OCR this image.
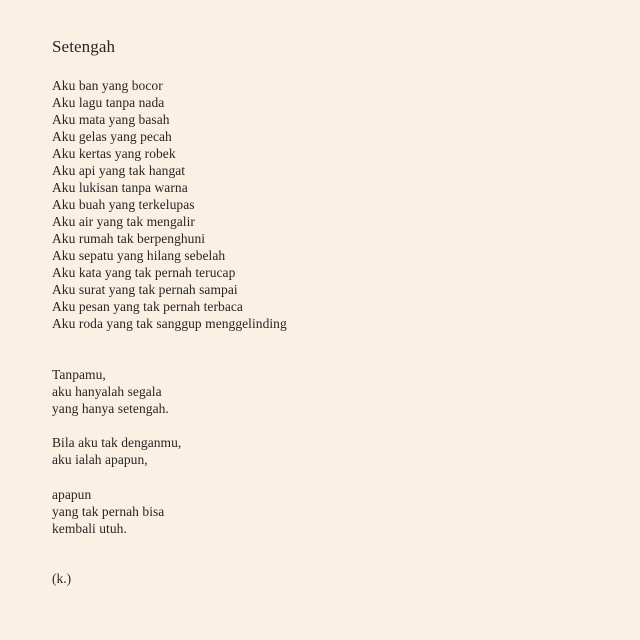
Setengah
Aku ban yang bocor
Aku lagu tanpa nada
Aku mata yang basah
Aku gelas yang pecah
Aku kertas yang robek
Aku api yang tak hangat
Aku lukisan tanpa warna
Aku buah yang terkelupas
Aku air yang tak mengalir
Aku rumah tak berpenghuni
Aku sepatu yang hilang sebelah
Aku kata yang tak pernah terucap
Aku surat yang tak pernah sampai
Aku pesan yang tak pernah terbaca
Aku roda yang tak sanggup menggelinding
Tanpamu,
aku hanyalah segala
yang hanya setengah.
Bila aku tak denganmu,
aku ialah apapun,
apapun
yang tak pernah bisa
kembali utuh.

(k.)
